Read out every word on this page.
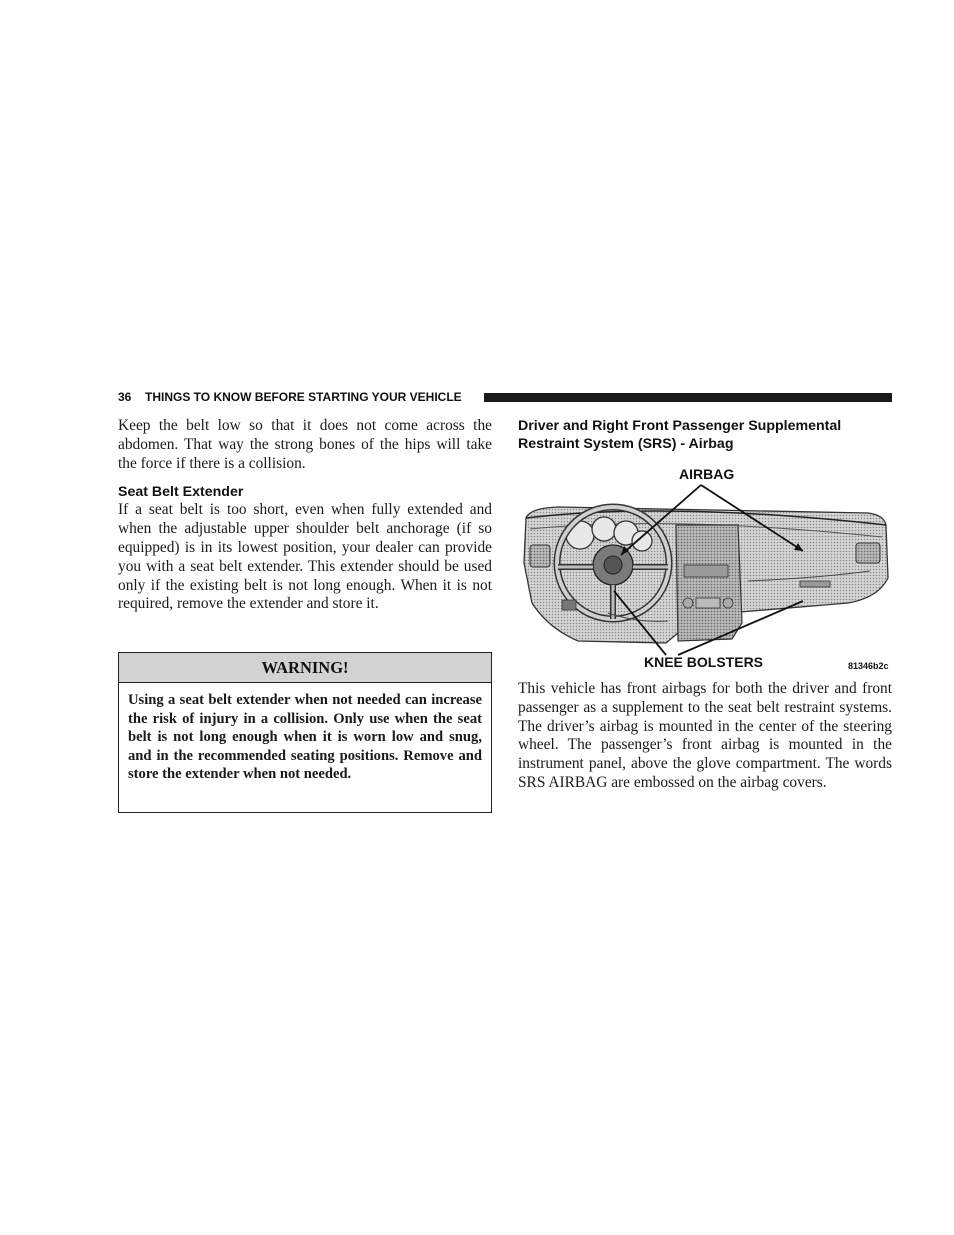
36 THINGS TO KNOW BEFORE STARTING YOUR VEHICLE

Keep the belt low so that it does not come across the abdomen. That way the strong bones of the hips will take the force if there is a collision.

Seat Belt Extender

If a seat belt is too short, even when fully extended and when the adjustable upper shoulder belt anchorage (if so equipped) is in its lowest position, your dealer can provide you with a seat belt extender. This extender should be used only if the existing belt is not long enough. When it is not required, remove the extender and store it.

WARNING!

Using a seat belt extender when not needed can increase the risk of injury in a collision. Only use when the seat belt is not long enough when it is worn low and snug, and in the recommended seating positions. Remove and store the extender when not needed.

Driver and Right Front Passenger Supplemental Restraint System (SRS) - Airbag
AIRBAG
KNEE BOLSTERS	81346b2c

This vehicle has front airbags for both the driver and front passenger as a supplement to the seat belt restraint systems. The driver’s airbag is mounted in the center of the steering wheel. The passenger’s front airbag is mounted in the instrument panel, above the glove compartment. The words SRS AIRBAG are embossed on the airbag covers.
